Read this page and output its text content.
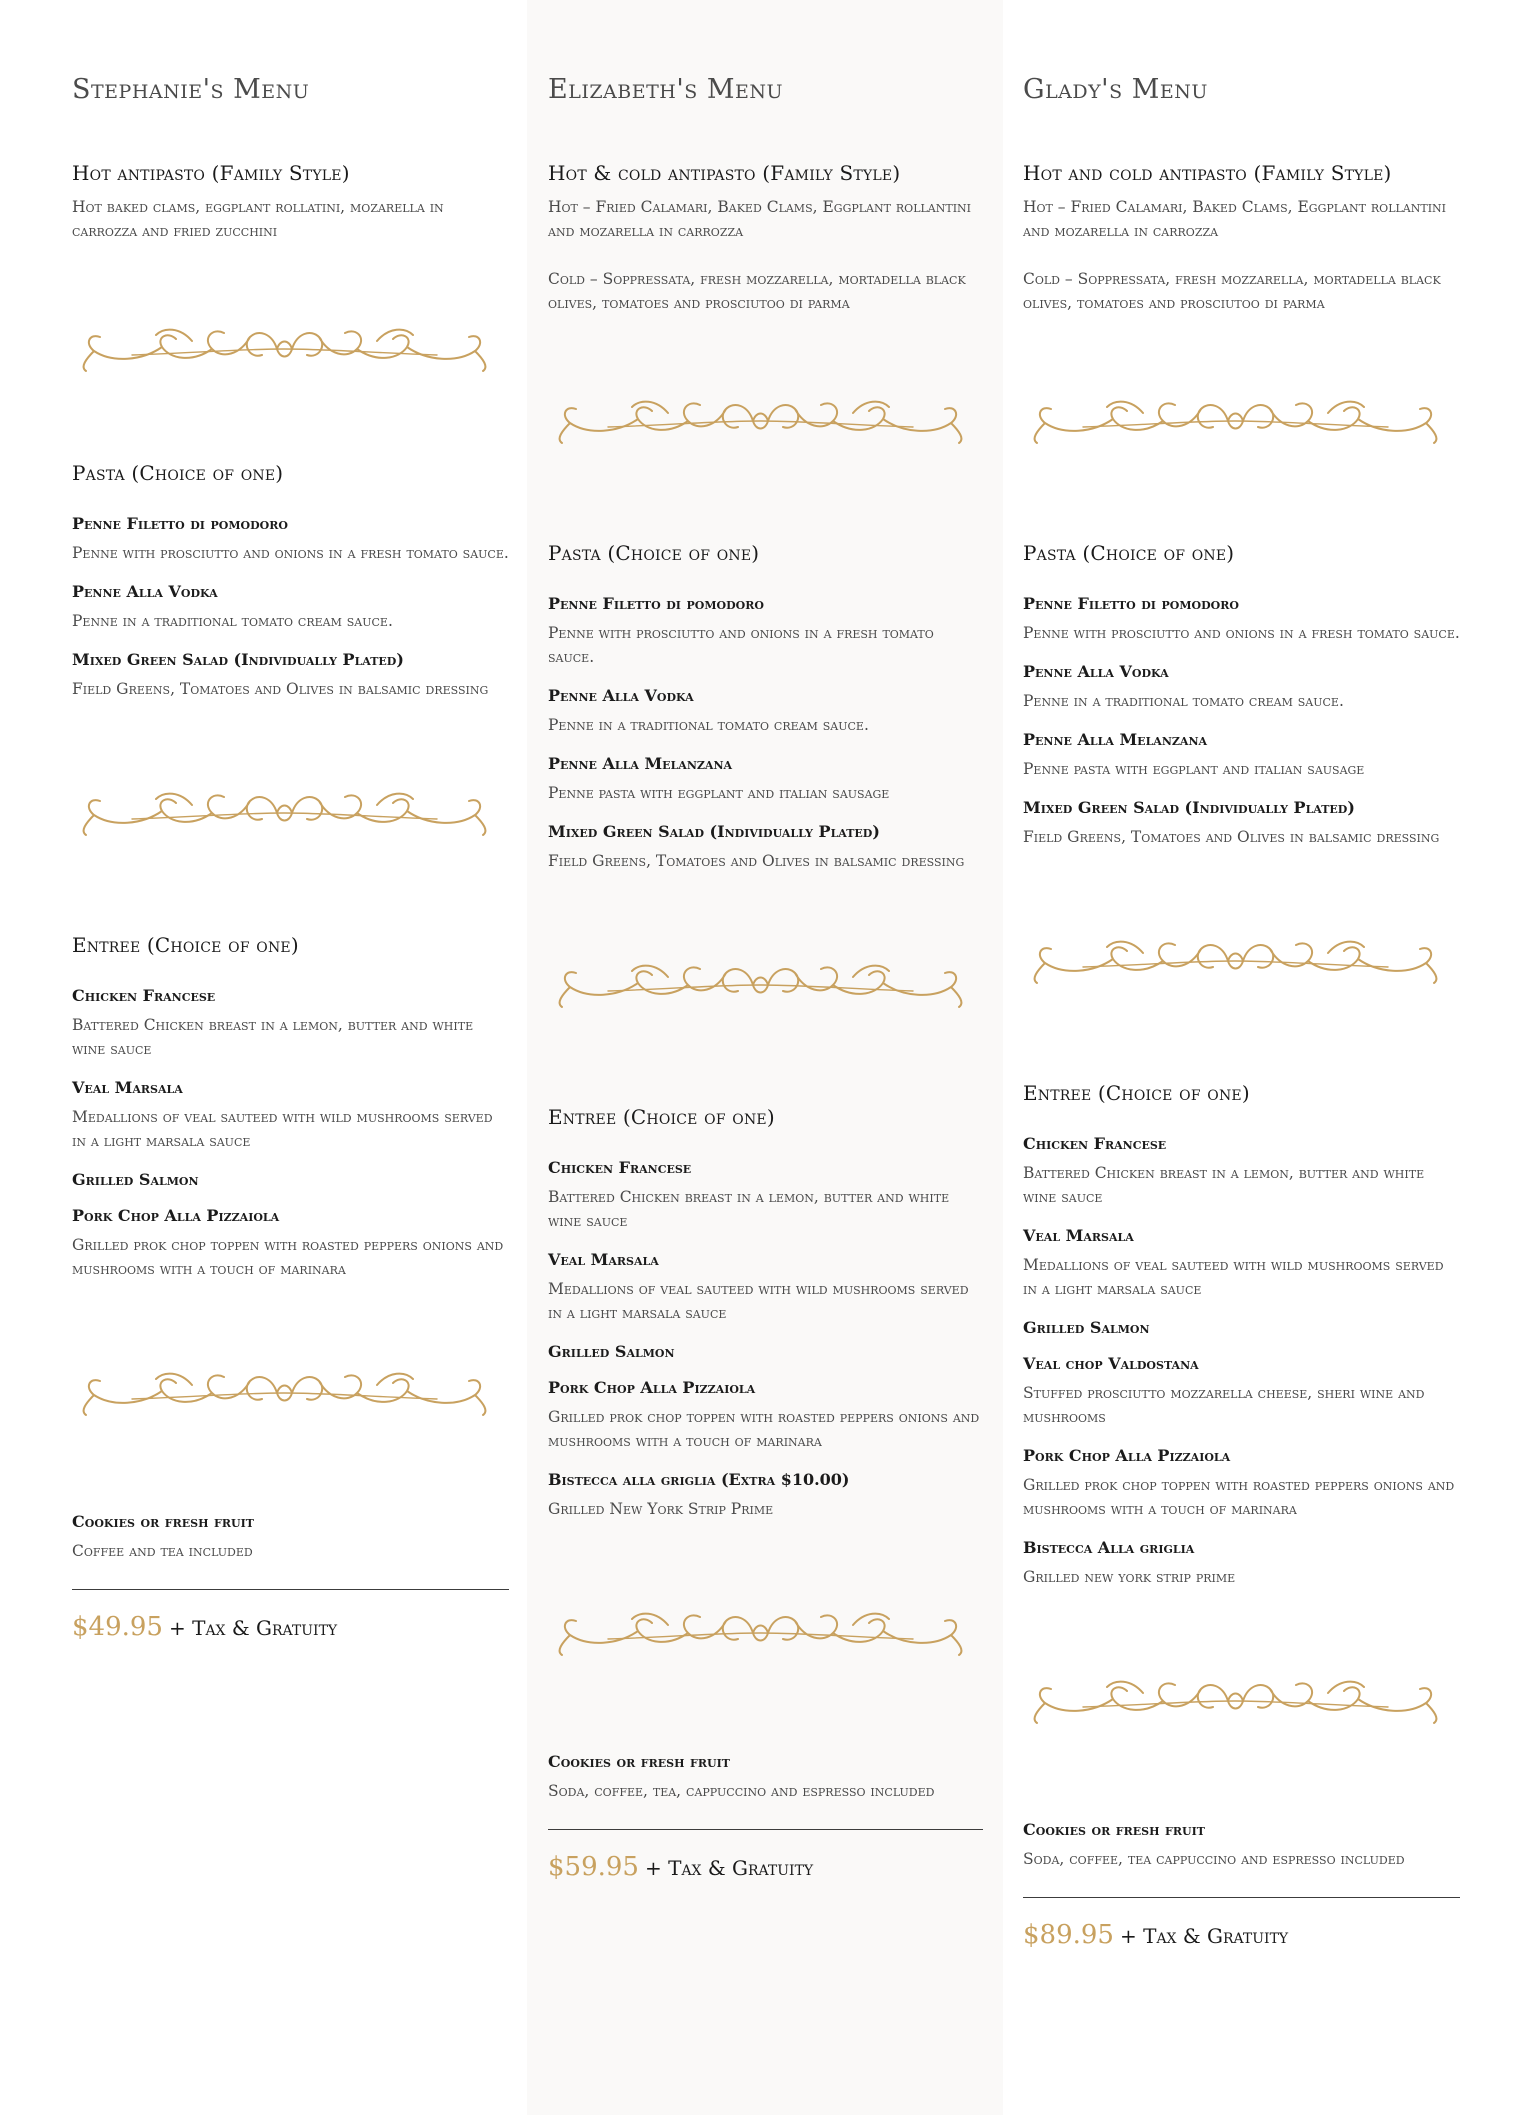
Stephanie's Menu
Hot antipasto (Family Style)
Hot baked clams, eggplant rollatini, mozarella in carrozza and fried zucchini
Pasta (Choice of one)
Penne Filetto di pomodoro
Penne with prosciutto and onions in a fresh tomato sauce.
Penne Alla Vodka
Penne in a traditional tomato cream sauce.
Mixed Green Salad (Individually Plated)
Field Greens, Tomatoes and Olives in balsamic dressing
Entree (Choice of one)
Chicken Francese
Battered Chicken breast in a lemon, butter and white wine sauce
Veal Marsala
Medallions of veal sauteed with wild mushrooms served in a light marsala sauce
Grilled Salmon
Pork Chop Alla Pizzaiola
Grilled prok chop toppen with roasted peppers onions and mushrooms with a touch of marinara
Cookies or fresh fruit
Coffee and tea included
$49.95 + Tax & Gratuity
Elizabeth's Menu
Hot & cold antipasto (Family Style)
Hot – Fried Calamari, Baked Clams, Eggplant rollantini and mozarella in carrozza
Cold – Soppressata, fresh mozzarella, mortadella black olives, tomatoes and prosciutoo di parma
Pasta (Choice of one)
Penne Filetto di pomodoro
Penne with prosciutto and onions in a fresh tomato sauce.
Penne Alla Vodka
Penne in a traditional tomato cream sauce.
Penne Alla Melanzana
Penne pasta with eggplant and italian sausage
Mixed Green Salad (Individually Plated)
Field Greens, Tomatoes and Olives in balsamic dressing
Entree (Choice of one)
Chicken Francese
Battered Chicken breast in a lemon, butter and white wine sauce
Veal Marsala
Medallions of veal sauteed with wild mushrooms served in a light marsala sauce
Grilled Salmon
Pork Chop Alla Pizzaiola
Grilled prok chop toppen with roasted peppers onions and mushrooms with a touch of marinara
Bistecca alla griglia (Extra $10.00)
Grilled New York Strip Prime
Cookies or fresh fruit
Soda, coffee, tea, cappuccino and espresso included
$59.95 + Tax & Gratuity
Glady's Menu
Hot and cold antipasto (Family Style)
Hot – Fried Calamari, Baked Clams, Eggplant rollantini and mozarella in carrozza
Cold – Soppressata, fresh mozzarella, mortadella black olives, tomatoes and prosciutoo di parma
Pasta (Choice of one)
Penne Filetto di pomodoro
Penne with prosciutto and onions in a fresh tomato sauce.
Penne Alla Vodka
Penne in a traditional tomato cream sauce.
Penne Alla Melanzana
Penne pasta with eggplant and italian sausage
Mixed Green Salad (Individually Plated)
Field Greens, Tomatoes and Olives in balsamic dressing
Entree (Choice of one)
Chicken Francese
Battered Chicken breast in a lemon, butter and white wine sauce
Veal Marsala
Medallions of veal sauteed with wild mushrooms served in a light marsala sauce
Grilled Salmon
Veal chop Valdostana
Stuffed prosciutto mozzarella cheese, sheri wine and mushrooms
Pork Chop Alla Pizzaiola
Grilled prok chop toppen with roasted peppers onions and mushrooms with a touch of marinara
Bistecca Alla griglia
Grilled new york strip prime
Cookies or fresh fruit
Soda, coffee, tea cappuccino and espresso included
$89.95 + Tax & Gratuity
